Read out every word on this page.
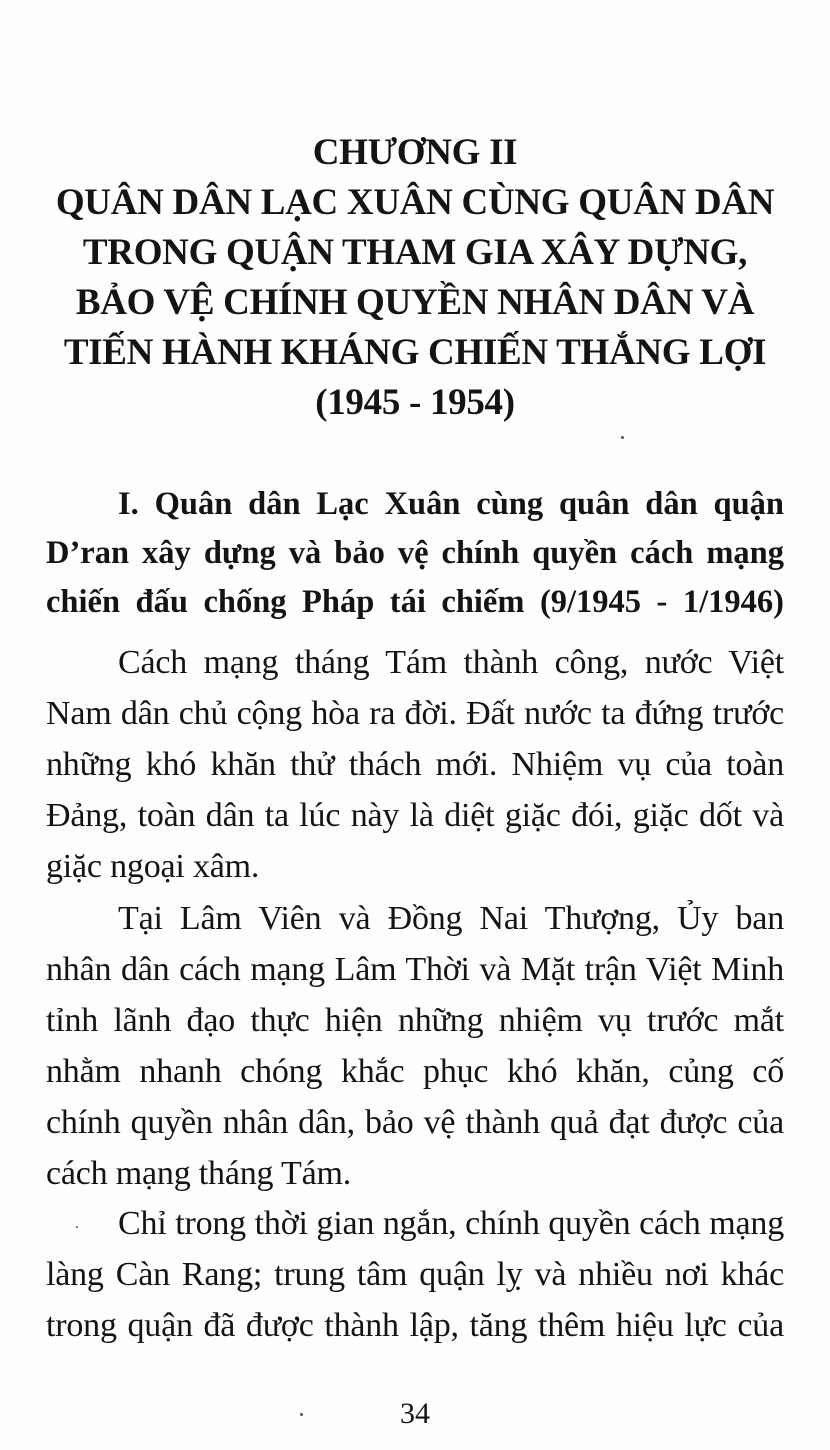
CHƯƠNG II
QUÂN DÂN LẠC XUÂN CÙNG QUÂN DÂN
TRONG QUẬN THAM GIA XÂY DỰNG,
BẢO VỆ CHÍNH QUYỀN NHÂN DÂN VÀ
TIẾN HÀNH KHÁNG CHIẾN THẮNG LỢI
(1945 - 1954)
I. Quân dân Lạc Xuân cùng quân dân quận
D’ran xây dựng và bảo vệ chính quyền cách mạng
chiến đấu chống Pháp tái chiếm (9/1945 - 1/1946)
Cách mạng tháng Tám thành công, nước Việt
Nam dân chủ cộng hòa ra đời. Đất nước ta đứng trước
những khó khăn thử thách mới. Nhiệm vụ của toàn
Đảng, toàn dân ta lúc này là diệt giặc đói, giặc dốt và
giặc ngoại xâm.
Tại Lâm Viên và Đồng Nai Thượng, Ủy ban
nhân dân cách mạng Lâm Thời và Mặt trận Việt Minh
tỉnh lãnh đạo thực hiện những nhiệm vụ trước mắt
nhằm nhanh chóng khắc phục khó khăn, củng cố
chính quyền nhân dân, bảo vệ thành quả đạt được của
cách mạng tháng Tám.
Chỉ trong thời gian ngắn, chính quyền cách mạng
làng Càn Rang; trung tâm quận lỵ và nhiều nơi khác
trong quận đã được thành lập, tăng thêm hiệu lực của
34
